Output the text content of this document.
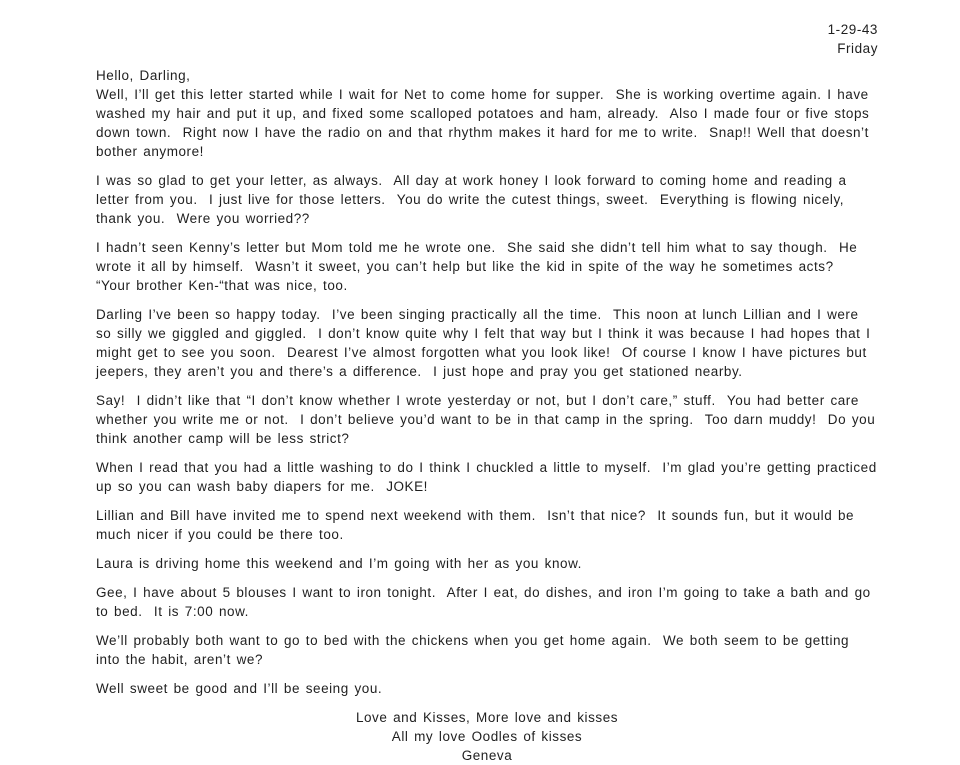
1-29-43
Friday
Hello, Darling,

Well, I’ll get this letter started while I wait for Net to come home for supper.  She is working overtime again. I have washed my hair and put it up, and fixed some scalloped potatoes and ham, already.  Also I made four or five stops down town.  Right now I have the radio on and that rhythm makes it hard for me to write.  Snap!! Well that doesn’t bother anymore!

I was so glad to get your letter, as always.  All day at work honey I look forward to coming home and reading a letter from you.  I just live for those letters.  You do write the cutest things, sweet.  Everything is flowing nicely, thank you.  Were you worried??

I hadn’t seen Kenny’s letter but Mom told me he wrote one.  She said she didn’t tell him what to say though.  He wrote it all by himself.  Wasn’t it sweet, you can’t help but like the kid in spite of the way he sometimes acts?  “Your brother Ken-“that was nice, too.

Darling I’ve been so happy today.  I’ve been singing practically all the time.  This noon at lunch Lillian and I were so silly we giggled and giggled.  I don’t know quite why I felt that way but I think it was because I had hopes that I might get to see you soon.  Dearest I’ve almost forgotten what you look like!  Of course I know I have pictures but jeepers, they aren’t you and there’s a difference.  I just hope and pray you get stationed nearby.

Say!  I didn’t like that “I don’t know whether I wrote yesterday or not, but I don’t care,” stuff.  You had better care whether you write me or not.  I don’t believe you’d want to be in that camp in the spring.  Too darn muddy!  Do you think another camp will be less strict?

When I read that you had a little washing to do I think I chuckled a little to myself.  I’m glad you’re getting practiced up so you can wash baby diapers for me.  JOKE!

Lillian and Bill have invited me to spend next weekend with them.  Isn’t that nice?  It sounds fun, but it would be much nicer if you could be there too.

Laura is driving home this weekend and I’m going with her as you know.

Gee, I have about 5 blouses I want to iron tonight.  After I eat, do dishes, and iron I’m going to take a bath and go to bed.  It is 7:00 now.

We’ll probably both want to go to bed with the chickens when you get home again.  We both seem to be getting into the habit, aren’t we?

Well sweet be good and I’ll be seeing you.

Love and Kisses, More love and kisses
All my love Oodles of kisses
Geneva
